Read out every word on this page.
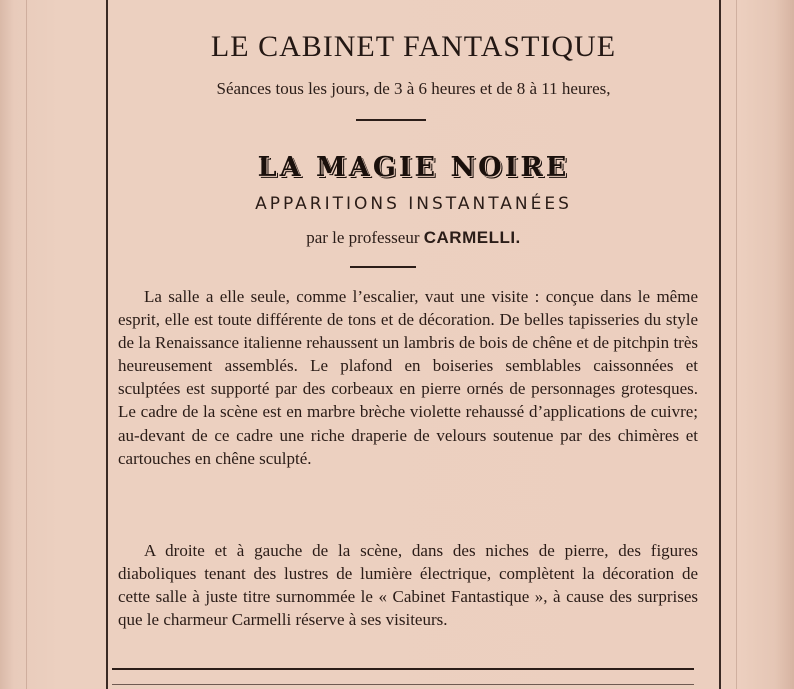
LE CABINET FANTASTIQUE
Séances tous les jours, de 3 à 6 heures et de 8 à 11 heures,
LA MAGIE NOIRE
APPARITIONS INSTANTANÉES
par le professeur CARMELLI.
La salle a elle seule, comme l’escalier, vaut une visite : conçue dans le même esprit, elle est toute différente de tons et de décoration. De belles tapisseries du style de la Renaissance italienne rehaussent un lambris de bois de chêne et de pitchpin très heureusement assemblés. Le plafond en boiseries semblables caissonnées et sculptées est supporté par des corbeaux en pierre ornés de personnages grotesques. Le cadre de la scène est en marbre brèche violette rehaussé d’applications de cuivre; au-devant de ce cadre une riche draperie de velours soutenue par des chimères et cartouches en chêne sculpté.
A droite et à gauche de la scène, dans des niches de pierre, des figures diaboliques tenant des lustres de lumière électrique, complètent la décoration de cette salle à juste titre surnommée le « Cabinet Fantastique », à cause des surprises que le charmeur Carmelli réserve à ses visiteurs.
